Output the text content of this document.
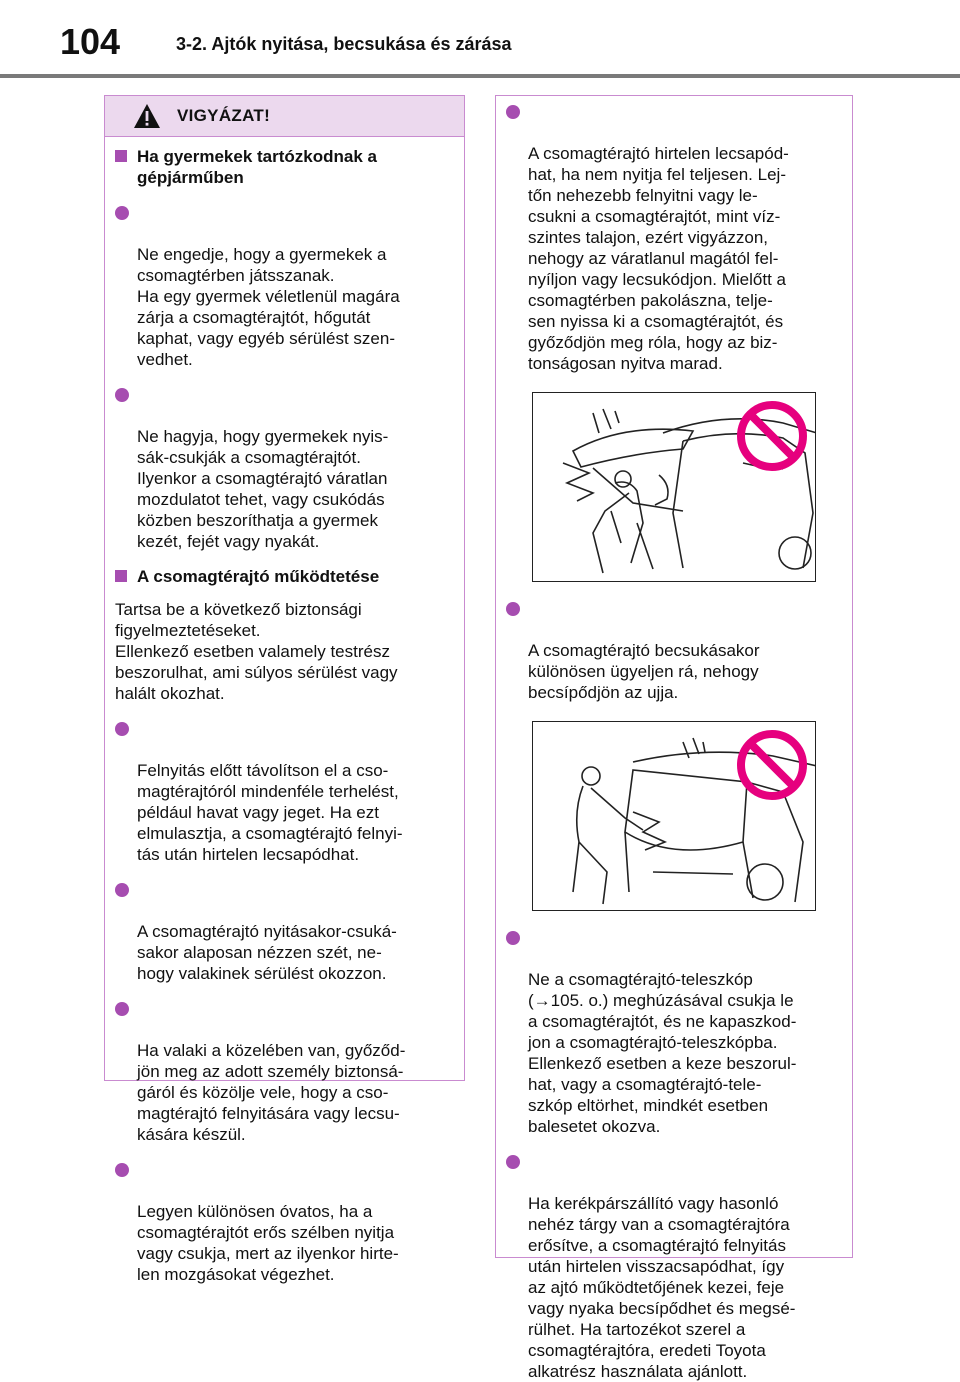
104	3-2. Ajtók nyitása, becsukása és zárása
VIGYÁZAT!
Ha gyermekek tartózkodnak a
gépjárműben

Ne engedje, hogy a gyermekek a
csomagtérben játsszanak.
Ha egy gyermek véletlenül magára
zárja a csomagtérajtót, hőgutát
kaphat, vagy egyéb sérülést szen-
vedhet.

Ne hagyja, hogy gyermekek nyis-
sák-csukják a csomagtérajtót.
Ilyenkor a csomagtérajtó váratlan
mozdulatot tehet, vagy csukódás
közben beszoríthatja a gyermek
kezét, fejét vagy nyakát.

A csomagtérajtó működtetése
Tartsa be a következő biztonsági
figyelmeztetéseket.
Ellenkező esetben valamely testrész
beszorulhat, ami súlyos sérülést vagy
halált okozhat.

Felnyitás előtt távolítson el a cso-
magtérajtóról mindenféle terhelést,
például havat vagy jeget. Ha ezt
elmulasztja, a csomagtérajtó felnyi-
tás után hirtelen lecsapódhat.

A csomagtérajtó nyitásakor-csuká-
sakor alaposan nézzen szét, ne-
hogy valakinek sérülést okozzon.

Ha valaki a közelében van, győződ-
jön meg az adott személy biztonsá-
gáról és közölje vele, hogy a cso-
magtérajtó felnyitására vagy lecsu-
kására készül.

Legyen különösen óvatos, ha a
csomagtérajtót erős szélben nyitja
vagy csukja, mert az ilyenkor hirte-
len mozgásokat végezhet.

A csomagtérajtó hirtelen lecsapód-
hat, ha nem nyitja fel teljesen. Lej-
tőn nehezebb felnyitni vagy le-
csukni a csomagtérajtót, mint víz-
szintes talajon, ezért vigyázzon,
nehogy az váratlanul magától fel-
nyíljon vagy lecsukódjon. Mielőtt a
csomagtérben pakolászna, telje-
sen nyissa ki a csomagtérajtót, és
győződjön meg róla, hogy az biz-
tonságosan nyitva marad.

A csomagtérajtó becsukásakor
különösen ügyeljen rá, nehogy
becsípődjön az ujja.

Ne a csomagtérajtó-teleszkóp
(→105. o.) meghúzásával csukja le
a csomagtérajtót, és ne kapaszkod-
jon a csomagtérajtó-teleszkópba.
Ellenkező esetben a keze beszorul-
hat, vagy a csomagtérajtó-tele-
szkóp eltörhet, mindkét esetben
balesetet okozva.

Ha kerékpárszállító vagy hasonló
nehéz tárgy van a csomagtérajtóra
erősítve, a csomagtérajtó felnyitás
után hirtelen visszacsapódhat, így
az ajtó működtetőjének kezei, feje
vagy nyaka becsípődhet és megsé-
rülhet. Ha tartozékot szerel a
csomagtérajtóra, eredeti Toyota
alkatrész használata ajánlott.
